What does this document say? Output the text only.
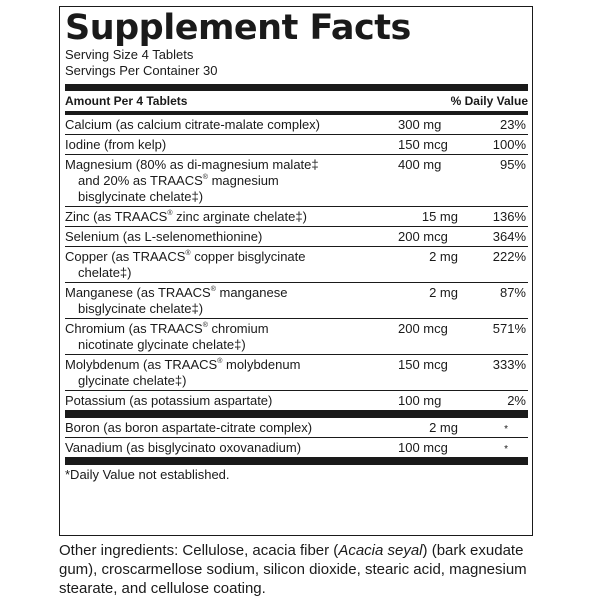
Supplement Facts
Serving Size 4 Tablets
Servings Per Container 30
Amount Per 4 Tablets	% Daily Value
Calcium (as calcium citrate-malate complex)	300 mg	23%
Iodine (from kelp)	150 mcg	100%
Magnesium (80% as di-magnesium malate‡
and 20% as TRAACS® magnesium
bisglycinate chelate‡)
400 mg	95%
Zinc (as TRAACS® zinc arginate chelate‡)	15 mg	136%
Selenium (as L-selenomethionine)	200 mcg	364%
Copper (as TRAACS® copper bisglycinate
chelate‡)
2 mg	222%
Manganese (as TRAACS® manganese
bisglycinate chelate‡)
2 mg	87%
Chromium (as TRAACS® chromium
nicotinate glycinate chelate‡)
200 mcg	571%
Molybdenum (as TRAACS® molybdenum
glycinate chelate‡)
150 mcg	333%
Potassium (as potassium aspartate)	100 mg	2%
Boron (as boron aspartate-citrate complex)	2 mg	*
Vanadium (as bisglycinato oxovanadium)	100 mcg	*
*Daily Value not established.
Other ingredients: Cellulose, acacia fiber (Acacia seyal) (bark exudate gum), croscarmellose sodium, silicon dioxide, stearic acid, magnesium stearate, and cellulose coating.
